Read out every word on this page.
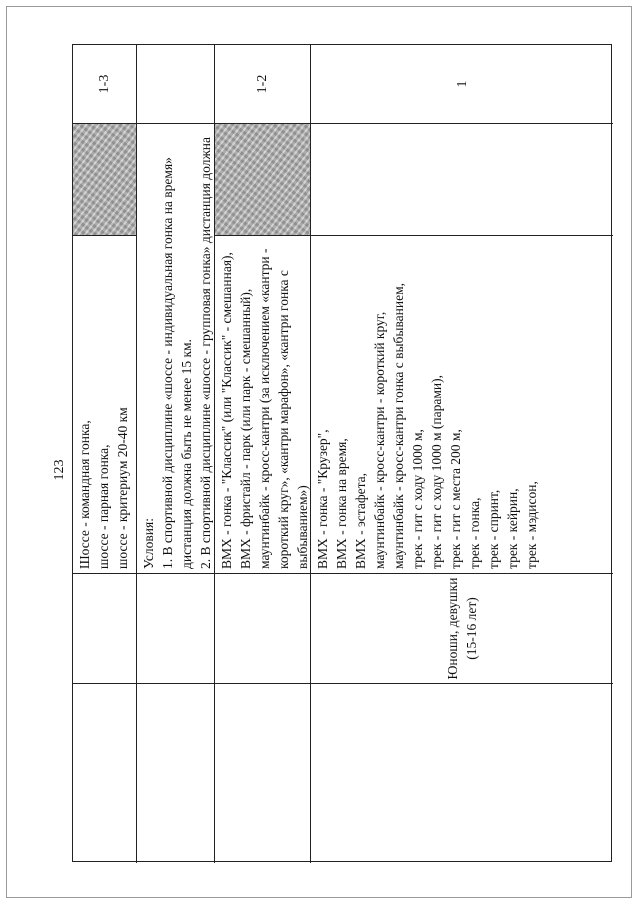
123 Шоссе - командная гонка, шоссе - парная гонка, шоссе - критериум 20-40 км
1-3
Условия: 1. В спортивной дисциплине «шоссе - индивидуальная гонка на время» дистанция должна быть не менее 15 км. 2. В спортивной дисциплине «шоссе - групповая гонка» дистанция должна
ВМХ - гонка - "Классик" (или "Классик" - смешанная), ВМХ - фристайл - парк (или парк - смешанный), маунтинбайк - кросс-кантри (за исключением «кантри - короткий круг», «кантри марафон», «кантри гонка с выбыванием»)
1-2
Юноши, девушки (15-16 лет)
ВМХ - гонка - "Крузер", ВМХ - гонка на время, ВМХ - эстафета, маунтинбайк - кросс-кантри - короткий круг, маунтинбайк - кросс-кантри гонка с выбыванием, трек - гит с ходу 1000 м, трек - гит с ходу 1000 м (парами), трек - гит с места 200 м, трек - гонка, трек - спринт, трек - кейрин, трек - мэдисон,
1
